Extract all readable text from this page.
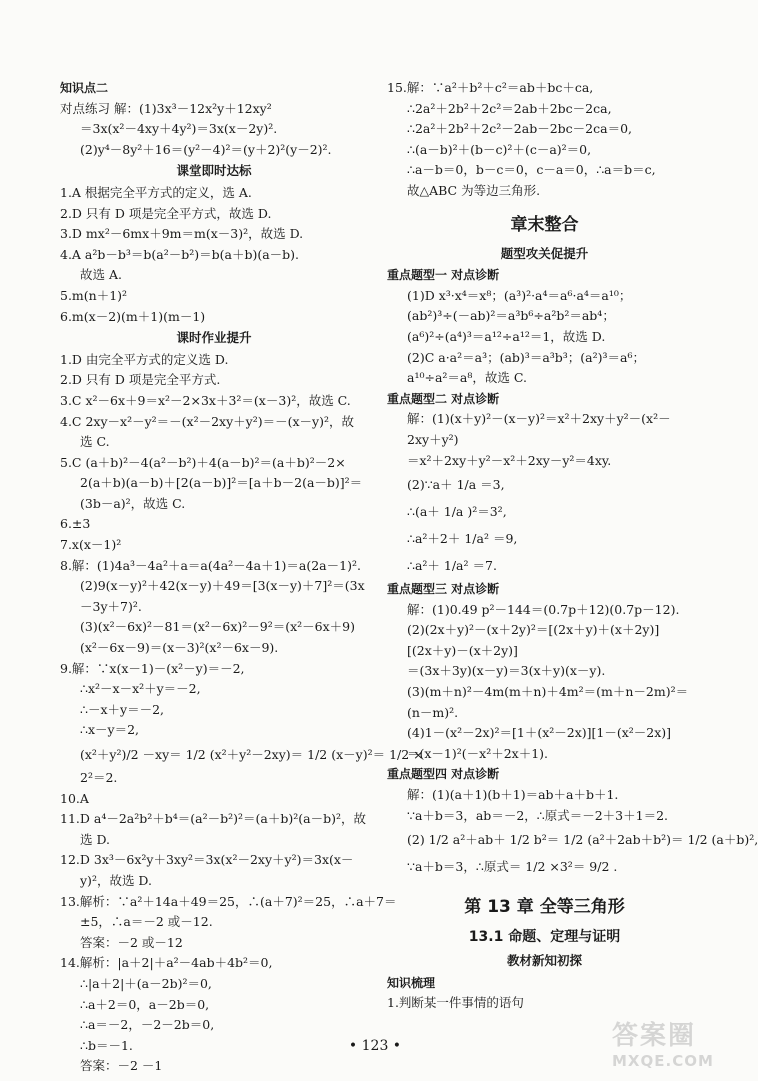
知识点二
对点练习 解：(1)3x³－12x²y＋12xy²
＝3x(x²－4xy＋4y²)＝3x(x－2y)².
(2)y⁴－8y²＋16＝(y²－4)²＝(y＋2)²(y－2)².
课堂即时达标
1.A 根据完全平方式的定义，选 A.
2.D 只有 D 项是完全平方式，故选 D.
3.D mx²－6mx＋9m＝m(x－3)²，故选 D.
4.A a²b－b³＝b(a²－b²)＝b(a＋b)(a－b).
故选 A.
5.m(n＋1)²
6.m(x－2)(m＋1)(m－1)
课时作业提升
1.D 由完全平方式的定义选 D.
2.D 只有 D 项是完全平方式.
3.C x²－6x＋9＝x²－2×3x＋3²＝(x－3)²，故选 C.
4.C 2xy－x²－y²＝－(x²－2xy＋y²)＝－(x－y)²，故
选 C.
5.C (a＋b)²－4(a²－b²)＋4(a－b)²＝(a＋b)²－2×
2(a＋b)(a－b)＋[2(a－b)]²＝[a＋b－2(a－b)]²＝
(3b－a)²，故选 C.
6.±3
7.x(x－1)²
8.解：(1)4a³－4a²＋a＝a(4a²－4a＋1)＝a(2a－1)².
(2)9(x－y)²＋42(x－y)＋49＝[3(x－y)＋7]²＝(3x
－3y＋7)².
(3)(x²－6x)²－81＝(x²－6x)²－9²＝(x²－6x＋9)
(x²－6x－9)＝(x－3)²(x²－6x－9).
9.解：∵x(x－1)－(x²－y)＝－2,
∴x²－x－x²＋y＝－2,
∴－x＋y＝－2,
∴x－y＝2,
(x²＋y²)/2 －xy＝ 1/2 (x²＋y²－2xy)＝ 1/2 (x－y)²＝ 1/2 ×
2²＝2.
10.A
11.D a⁴－2a²b²＋b⁴＝(a²－b²)²＝(a＋b)²(a－b)²，故
选 D.
12.D 3x³－6x²y＋3xy²＝3x(x²－2xy＋y²)＝3x(x－
y)²，故选 D.
13.解析：∵a²＋14a＋49＝25，∴(a＋7)²＝25，∴a＋7＝
±5，∴a＝－2 或－12.
答案：－2 或－12
14.解析：|a＋2|＋a²－4ab＋4b²＝0,
∴|a＋2|＋(a－2b)²＝0,
∴a＋2＝0，a－2b＝0,
∴a＝－2，－2－2b＝0,
∴b＝－1.
答案：－2 －1
15.解：∵a²＋b²＋c²＝ab＋bc＋ca,
∴2a²＋2b²＋2c²＝2ab＋2bc－2ca,
∴2a²＋2b²＋2c²－2ab－2bc－2ca＝0,
∴(a－b)²＋(b－c)²＋(c－a)²＝0,
∴a－b＝0，b－c＝0，c－a＝0，∴a＝b＝c,
故△ABC 为等边三角形.
章末整合
题型攻关促提升
重点题型一 对点诊断
(1)D x³·x⁴＝x⁸；(a³)²·a⁴＝a⁶·a⁴＝a¹⁰；
(ab²)³÷(－ab)²＝a³b⁶÷a²b²＝ab⁴；
(a⁶)²÷(a⁴)³＝a¹²÷a¹²＝1，故选 D.
(2)C a·a²＝a³；(ab)³＝a³b³；(a²)³＝a⁶；
a¹⁰÷a²＝a⁸，故选 C.
重点题型二 对点诊断
解：(1)(x＋y)²－(x－y)²＝x²＋2xy＋y²－(x²－
2xy＋y²)
＝x²＋2xy＋y²－x²＋2xy－y²＝4xy.
(2)∵a＋ 1/a ＝3,
∴(a＋ 1/a )²＝3²,
∴a²＋2＋ 1/a² ＝9,
∴a²＋ 1/a² ＝7.
重点题型三 对点诊断
解：(1)0.49 p²－144＝(0.7p＋12)(0.7p－12).
(2)(2x＋y)²－(x＋2y)²＝[(2x＋y)＋(x＋2y)]
[(2x＋y)－(x＋2y)]
＝(3x＋3y)(x－y)＝3(x＋y)(x－y).
(3)(m＋n)²－4m(m＋n)＋4m²＝(m＋n－2m)²＝
(n－m)².
(4)1－(x²－2x)²＝[1＋(x²－2x)][1－(x²－2x)]
＝(x－1)²(－x²＋2x＋1).
重点题型四 对点诊断
解：(1)(a＋1)(b＋1)＝ab＋a＋b＋1.
∵a＋b＝3，ab＝－2，∴原式＝－2＋3＋1＝2.
(2) 1/2 a²＋ab＋ 1/2 b²＝ 1/2 (a²＋2ab＋b²)＝ 1/2 (a＋b)²,
∵a＋b＝3，∴原式＝ 1/2 ×3²＝ 9/2 .
第 13 章 全等三角形
13.1 命题、定理与证明
教材新知初探
知识梳理
1.判断某一件事情的语句
• 123 •	答案圈
MXQE.COM
